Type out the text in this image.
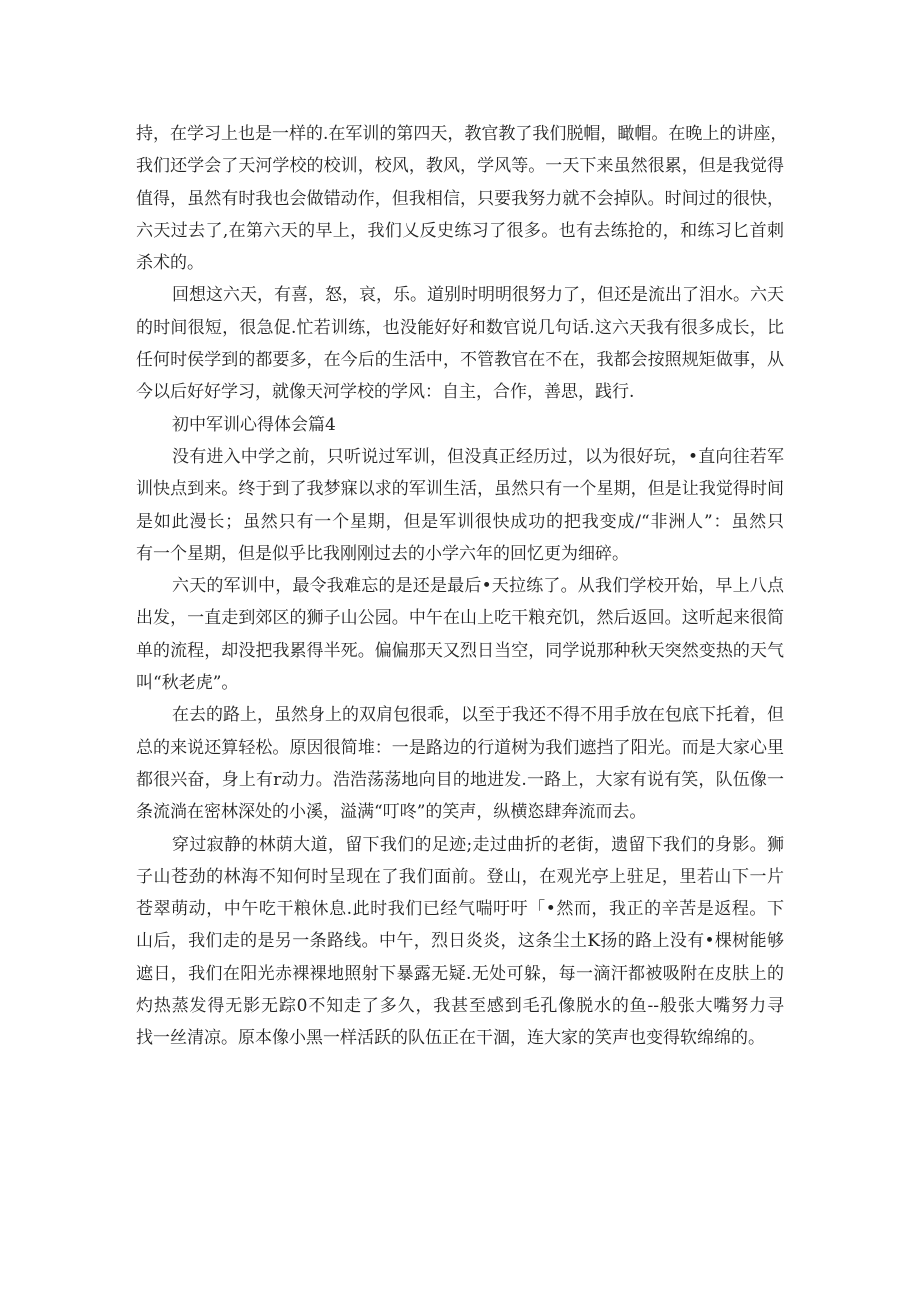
持，在学习上也是一样的.在军训的第四天，教官教了我们脱帽，瞰帽。在晚上的讲座，
我们还学会了天河学校的校训，校风，教风，学风等。一天下来虽然很累，但是我觉得
值得，虽然有时我也会做错动作，但我相信，只要我努力就不会掉队。时间过的很快，
六天过去了,在第六天的早上，我们乂反史练习了很多。也有去练抢的，和练习匕首刺
杀术的。
回想这六天，有喜，怒，哀，乐。道别时明明很努力了，但还是流出了泪水。六天
的时间很短，很急促.忙若训练，也没能好好和数官说几句话.这六天我有很多成长，比
任何时侯学到的都要多，在今后的生活中，不管教官在不在，我都会按照规矩做事，从
今以后好好学习，就像天河学校的学风：自主，合作，善思，践行.
初中军训心得体会篇4
没有进入中学之前，只听说过军训，但没真正经历过，以为很好玩，•直向往若军
训快点到来。终于到了我梦寐以求的军训生活，虽然只有一个星期，但是让我觉得时间
是如此漫长；虽然只有一个星期，但是军训很快成功的把我变成/“非洲人”：虽然只
有一个星期，但是似乎比我刚刚过去的小学六年的回忆更为细碎。
六天的军训中，最令我难忘的是还是最后•天拉练了。从我们学校开始，早上八点
出发，一直走到郊区的狮子山公园。中午在山上吃干粮充饥，然后返回。这听起来很简
单的流程，却没把我累得半死。偏偏那天又烈日当空，同学说那种秋天突然变热的天气
叫“秋老虎”。
在去的路上，虽然身上的双肩包很乖，以至于我还不得不用手放在包底下托着，但
总的来说还算轻松。原因很简堆：一是路边的行道树为我们遮挡了阳光。而是大家心里
都很兴奋，身上有r动力。浩浩荡荡地向目的地进发.一路上，大家有说有笑，队伍像一
条流淌在密林深处的小溪，溢满“叮咚”的笑声，纵横恣肆奔流而去。
穿过寂静的林荫大道，留下我们的足迹;走过曲折的老街，遗留下我们的身影。狮
子山苍劲的林海不知何时呈现在了我们面前。登山，在观光亭上驻足，里若山下一片
苍翠萌动，中午吃干粮休息.此时我们已经气喘吁吁「•然而，我正的辛苦是返程。下
山后，我们走的是另一条路线。中午，烈日炎炎，这条尘土K扬的路上没有•棵树能够
遮日，我们在阳光赤裸裸地照射下暴露无疑.无处可躲，每一滴汗都被吸附在皮肤上的
灼热蒸发得无影无踪0不知走了多久，我甚至感到毛孔像脱水的鱼--般张大嘴努力寻
找一丝清凉。原本像小黑一样活跃的队伍正在干涸，连大家的笑声也变得软绵绵的。
